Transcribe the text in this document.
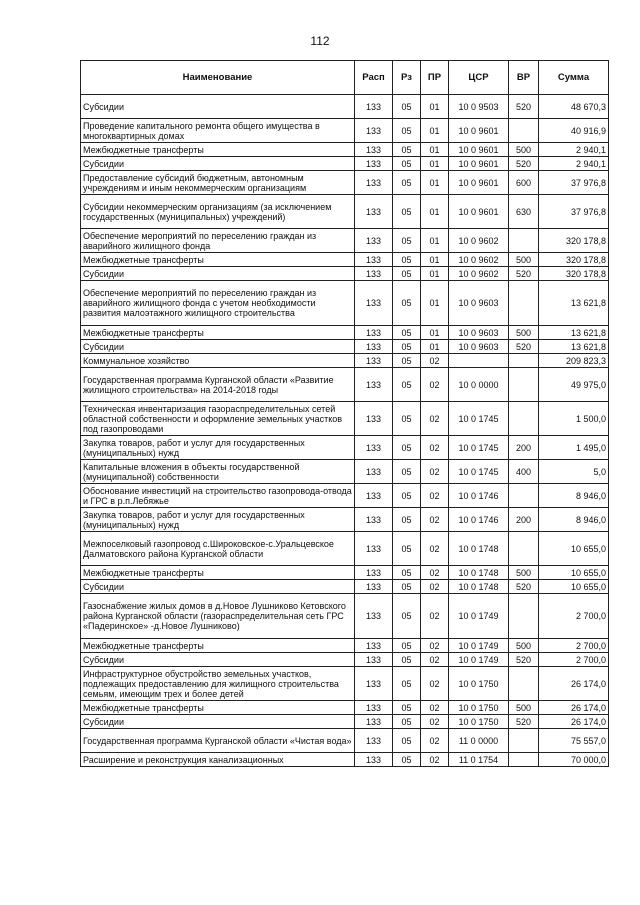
112
Наименование	Расп	Рз	ПР	ЦСР	ВР	Сумма
Субсидии	133	05	01	10 0 9503	520	48 670,3
Проведение капитального ремонта общего имущества в многоквартирных домах	133	05	01	10 0 9601		40 916,9
Межбюджетные трансферты	133	05	01	10 0 9601	500	2 940,1
Субсидии	133	05	01	10 0 9601	520	2 940,1
Предоставление субсидий бюджетным, автономным учреждениям и иным некоммерческим организациям	133	05	01	10 0 9601	600	37 976,8
Субсидии некоммерческим организациям (за исключением государственных (муниципальных) учреждений)	133	05	01	10 0 9601	630	37 976,8
Обеспечение мероприятий по переселению граждан из аварийного жилищного фонда	133	05	01	10 0 9602		320 178,8
Межбюджетные трансферты	133	05	01	10 0 9602	500	320 178,8
Субсидии	133	05	01	10 0 9602	520	320 178,8
Обеспечение мероприятий по переселению граждан из аварийного жилищного фонда с учетом необходимости развития малоэтажного жилищного строительства	133	05	01	10 0 9603		13 621,8
Межбюджетные трансферты	133	05	01	10 0 9603	500	13 621,8
Субсидии	133	05	01	10 0 9603	520	13 621,8
Коммунальное хозяйство	133	05	02			209 823,3
Государственная программа Курганской области «Развитие жилищного строительства» на 2014-2018 годы	133	05	02	10 0 0000		49 975,0
Техническая инвентаризация газораспределительных сетей областной собственности и оформление земельных участков под газопроводами	133	05	02	10 0 1745		1 500,0
Закупка товаров, работ и услуг для государственных (муниципальных) нужд	133	05	02	10 0 1745	200	1 495,0
Капитальные вложения в объекты государственной (муниципальной) собственности	133	05	02	10 0 1745	400	5,0
Обоснование инвестиций на строительство газопровода-отвода и ГРС в р.п.Лебяжье	133	05	02	10 0 1746		8 946,0
Закупка товаров, работ и услуг для государственных (муниципальных) нужд	133	05	02	10 0 1746	200	8 946,0
Межпоселковый газопровод с.Широковское-с.Уральцевское Далматовского района Курганской области	133	05	02	10 0 1748		10 655,0
Межбюджетные трансферты	133	05	02	10 0 1748	500	10 655,0
Субсидии	133	05	02	10 0 1748	520	10 655,0
Газоснабжение жилых домов в д.Новое Лушниково Кетовского района Курганской области (газораспределительная сеть ГРС «Падеринское» -д.Новое Лушниково)	133	05	02	10 0 1749		2 700,0
Межбюджетные трансферты	133	05	02	10 0 1749	500	2 700,0
Субсидии	133	05	02	10 0 1749	520	2 700,0
Инфраструктурное обустройство земельных участков, подлежащих предоставлению для жилищного строительства семьям, имеющим трех и более детей	133	05	02	10 0 1750		26 174,0
Межбюджетные трансферты	133	05	02	10 0 1750	500	26 174,0
Субсидии	133	05	02	10 0 1750	520	26 174,0
Государственная программа Курганской области «Чистая вода»	133	05	02	11 0 0000		75 557,0
Расширение и реконструкция канализационных	133	05	02	11 0 1754		70 000,0
